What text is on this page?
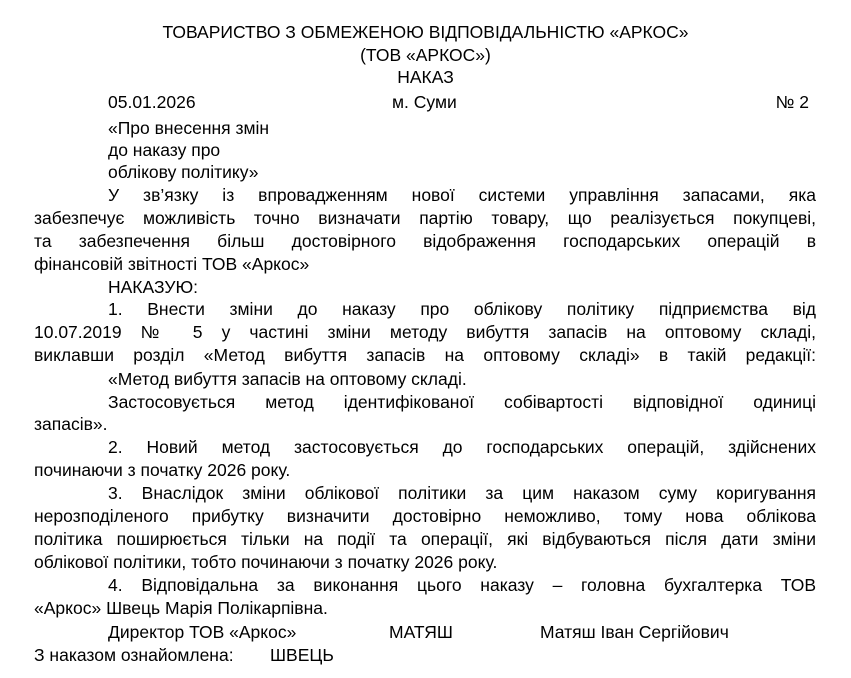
ТОВАРИСТВО З ОБМЕЖЕНОЮ ВІДПОВІДАЛЬНІСТЮ «АРКОС»
(ТОВ «АРКОС»)
НАКАЗ
05.01.2026	м. Суми	№ 2
«Про внесення змін
до наказу про
облікову політику»
У зв’язку із впровадженням нової системи управління запасами, яка
забезпечує можливість точно визначати партію товару, що реалізується покупцеві,
та забезпечення більш достовірного відображення господарських операцій в
фінансовій звітності ТОВ «Аркос»
НАКАЗУЮ:
1. Внести зміни до наказу про облікову політику підприємства від
10.07.2019 № 5 у частині зміни методу вибуття запасів на оптовому складі,
виклавши розділ «Метод вибуття запасів на оптовому складі» в такій редакції:
«Метод вибуття запасів на оптовому складі.
Застосовується метод ідентифікованої собівартості відповідної одиниці
запасів».
2. Новий метод застосовується до господарських операцій, здійснених
починаючи з початку 2026 року.
3. Внаслідок зміни облікової політики за цим наказом суму коригування
нерозподіленого прибутку визначити достовірно неможливо, тому нова облікова
політика поширюється тільки на події та операції, які відбуваються після дати зміни
облікової політики, тобто починаючи з початку 2026 року.
4. Відповідальна за виконання цього наказу – головна бухгалтерка ТОВ
«Аркос» Швець Марія Полікарпівна.
Директор ТОВ «Аркос»	МАТЯШ	Матяш Іван Сергійович
З наказом ознайомлена: ШВЕЦЬ
